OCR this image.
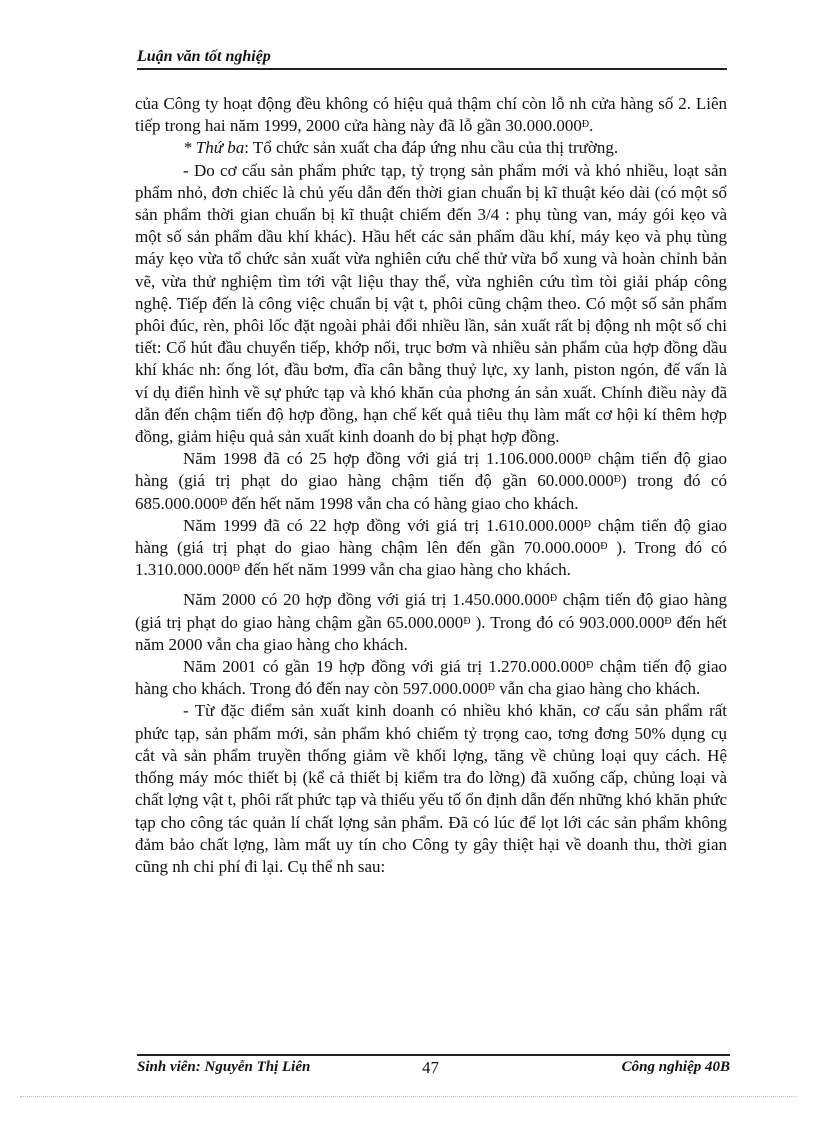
Luận văn tốt nghiệp

của Công ty hoạt động đều không có hiệu quả thậm chí còn lỗ nh cửa hàng số 2. Liên tiếp trong hai năm 1999, 2000 cửa hàng này đã lỗ gần $30.000.000^Đ$.

* Thứ ba: Tổ chức sản xuất cha đáp ứng nhu cầu của thị trường.

- Do cơ cấu sản phẩm phức tạp, tỷ trọng sản phẩm mới và khó nhiều, loạt sản phẩm nhỏ, đơn chiếc là chủ yếu dẫn đến thời gian chuẩn bị kĩ thuật kéo dài (có một số sản phẩm thời gian chuẩn bị kĩ thuật chiếm đến 3/4 : phụ tùng van, máy gói kẹo và một số sản phẩm dầu khí khác). Hầu hết các sản phẩm dầu khí, máy kẹo và phụ tùng máy kẹo vừa tổ chức sản xuất vừa nghiên cứu chế thử vừa bổ xung và hoàn chỉnh bản vẽ, vừa thử nghiệm tìm tới vật liệu thay thế, vừa nghiên cứu tìm tòi giải pháp công nghệ. Tiếp đến là công việc chuẩn bị vật t, phôi cũng chậm theo. Có một số sản phẩm phôi đúc, rèn, phôi lốc đặt ngoài phải đổi nhiều lần, sản xuất rất bị động nh một số chi tiết: Cổ hút đầu chuyển tiếp, khớp nối, trục bơm và nhiều sản phẩm của hợp đồng dầu khí khác nh: ống lót, đầu bơm, đĩa cân bằng thuỷ lực, xy lanh, piston ngón, đế vấn là ví dụ điển hình về sự phức tạp và khó khăn của phơng án sản xuất. Chính điều này đã dẫn đến chậm tiến độ hợp đồng, hạn chế kết quả tiêu thụ làm mất cơ hội kí thêm hợp đồng, giảm hiệu quả sản xuất kinh doanh do bị phạt hợp đồng.

Năm 1998 đã có 25 hợp đồng với giá trị $1.106.000.000^Đ$ chậm tiến độ giao hàng (giá trị phạt do giao hàng chậm tiến độ gần $60.000.000^Đ$) trong đó có $685.000.000^Đ$ đến hết năm 1998 vẫn cha có hàng giao cho khách.

Năm 1999 đã có 22 hợp đồng với giá trị $1.610.000.000^Đ$ chậm tiến độ giao hàng (giá trị phạt do giao hàng chậm lên đến gần $70.000.000^Đ$ ). Trong đó có $1.310.000.000^Đ$ đến hết năm 1999 vẫn cha giao hàng cho khách.

Năm 2000 có 20 hợp đồng với giá trị $1.450.000.000^Đ$ chậm tiến độ giao hàng (giá trị phạt do giao hàng chậm gần $65.000.000^Đ$ ). Trong đó có $903.000.000^Đ$ đến hết năm 2000 vẫn cha giao hàng cho khách.

Năm 2001 có gần 19 hợp đồng với giá trị $1.270.000.000^Đ$ chậm tiến độ giao hàng cho khách. Trong đó đến nay còn $597.000.000^Đ$ vẫn cha giao hàng cho khách.

- Từ đặc điểm sản xuất kinh doanh có nhiều khó khăn, cơ cấu sản phẩm rất phức tạp, sản phẩm mới, sản phẩm khó chiếm tỷ trọng cao, tơng đơng 50% dụng cụ cắt và sản phẩm truyền thống giảm về khối lợng, tăng về chủng loại quy cách. Hệ thống máy móc thiết bị (kể cả thiết bị kiểm tra đo lờng) đã xuống cấp, chủng loại và chất lợng vật t, phôi rất phức tạp và thiếu yếu tố ổn định dẫn đến những khó khăn phức tạp cho công tác quản lí chất lợng sản phẩm. Đã có lúc để lọt lới các sản phẩm không đảm bảo chất lợng, làm mất uy tín cho Công ty gây thiệt hại về doanh thu, thời gian cũng nh chi phí đi lại. Cụ thể nh sau:

Sinh viên: Nguyễn Thị Liên	47	Công nghiệp 40B
